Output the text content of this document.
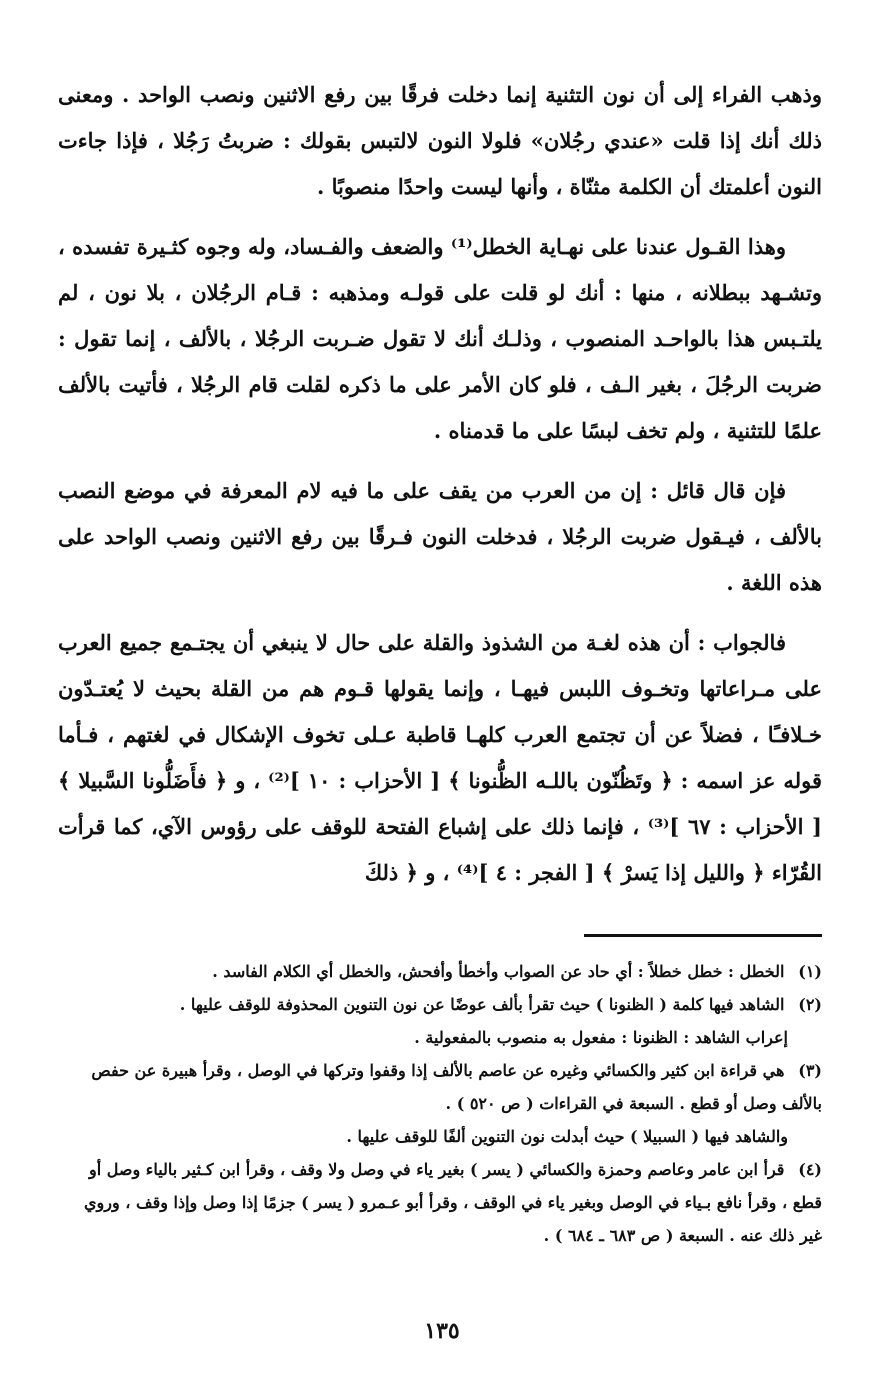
وذهب الفراء إلى أن نون التثنية إنما دخلت فرقًا بين رفع الاثنين ونصب الواحد . ومعنى ذلك أنك إذا قلت «عندي رجُلان» فلولا النون لالتبس بقولك : ضربتُ رَجُلا ، فإذا جاءت النون أعلمتك أن الكلمة مثنّاة ، وأنها ليست واحدًا منصوبًا .

وهذا القـول عندنا على نهـاية الخطل⁽¹⁾ والضعف والفـساد، وله وجوه كثـيرة تفسده ، وتشـهد ببطلانه ، منها : أنك لو قلت على قولـه ومذهبه : قـام الرجُلان ، بلا نون ، لم يلتـبس هذا بالواحـد المنصوب ، وذلـك أنك لا تقول ضـربت الرجُلا ، بالألف ، إنما تقول : ضربت الرجُلَ ، بغير الـف ، فلو كان الأمر على ما ذكره لقلت قام الرجُلا ، فأتيت بالألف علمًا للتثنية ، ولم تخف لبسًا على ما قدمناه .

فإن قال قائل : إن من العرب من يقف على ما فيه لام المعرفة في موضع النصب بالألف ، فيـقول ضربت الرجُلا ، فدخلت النون فـرقًا بين رفع الاثنين ونصب الواحد على هذه اللغة .

فالجواب : أن هذه لغـة من الشذوذ والقلة على حال لا ينبغي أن يجتـمع جميع العرب على مـراعاتها وتخـوف اللبس فيهـا ، وإنما يقولها قـوم هم من القلة بحيث لا يُعتـدّون خـلافـًا ، فضلاً عن أن تجتمع العرب كلهـا قاطبة عـلى تخوف الإشكال في لغتهم ، فـأما قوله عز اسمه : ﴿ وتَظُنّون باللـه الظُّنونا ﴾ [ الأحزاب : ١٠ ]⁽²⁾ ، و ﴿ فأَضَلُّونا السَّبيلا ﴾ [ الأحزاب : ٦٧ ]⁽³⁾ ، فإنما ذلك على إشباع الفتحة للوقف على رؤوس الآي، كما قرأت القُرّاء ﴿ والليل إذا يَسرْ ﴾ [ الفجر : ٤ ]⁽⁴⁾ ، و ﴿ ذلكَ

(١) الخطل : خطل خطلاً : أي حاد عن الصواب وأخطأ وأفحش، والخطل أي الكلام الفاسد .
(٢) الشاهد فيها كلمة ( الظنونا ) حيث تقرأ بألف عوضًا عن نون التنوين المحذوفة للوقف عليها .
إعراب الشاهد : الظنونا : مفعول به منصوب بالمفعولية .
(٣) هي قراءة ابن كثير والكسائي وغيره عن عاصم بالألف إذا وقفوا وتركها في الوصل ، وقرأ هبيرة عن حفص بالألف وصل أو قطع . السبعة في القراءات ( ص ٥٢٠ ) .
والشاهد فيها ( السبيلا ) حيث أبدلت نون التنوين ألفًا للوقف عليها .
(٤) قرأ ابن عامر وعاصم وحمزة والكسائي ( يسر ) بغير ياء في وصل ولا وقف ، وقرأ ابن كـثير بالياء وصل أو قطع ، وقرأ نافع بـياء في الوصل وبغير ياء في الوقف ، وقرأ أبو عـمرو ( يسر ) جزمًا إذا وصل وإذا وقف ، وروي غير ذلك عنه . السبعة ( ص ٦٨٣ ـ ٦٨٤ ) .
١٣٥
